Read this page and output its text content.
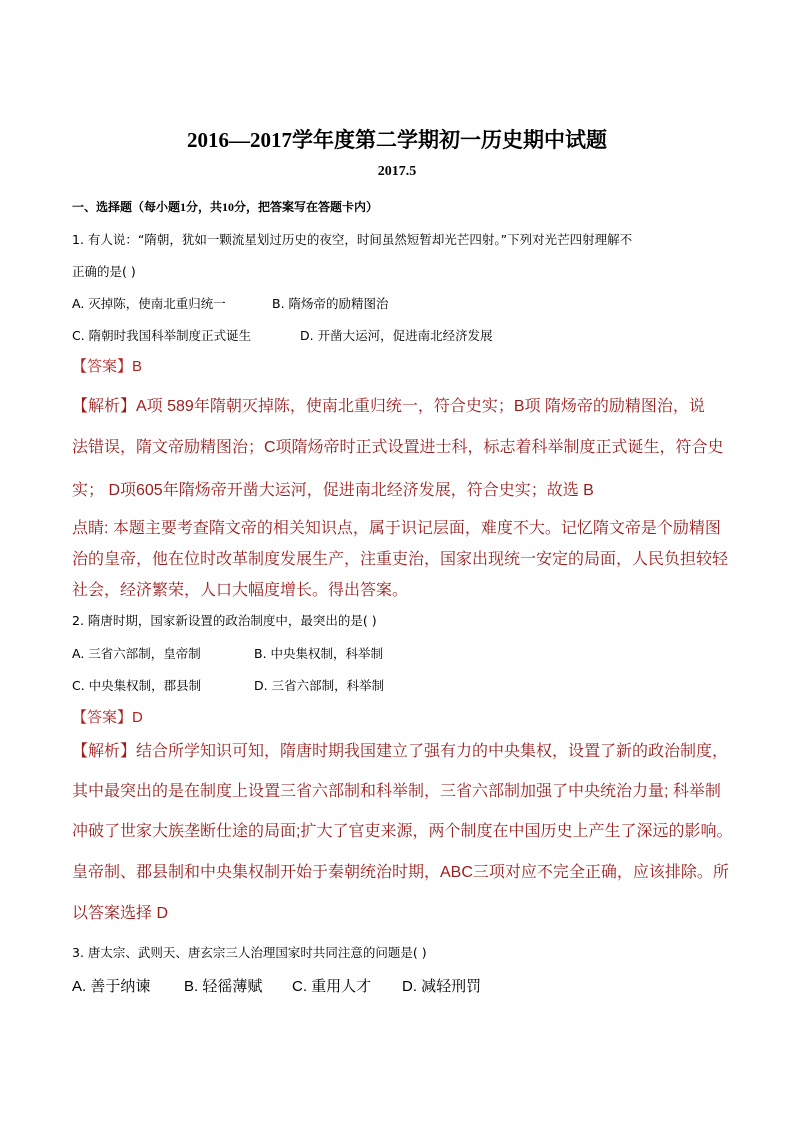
2016—2017学年度第二学期初一历史期中试题
2017.5
一、选择题（每小题1分，共10分，把答案写在答题卡内）
1. 有人说：“隋朝，犹如一颗流星划过历史的夜空，时间虽然短暂却光芒四射。”下列对光芒四射理解不
正确的是( )
A. 灭掉陈，使南北重归统一	B. 隋炀帝的励精图治
C. 隋朝时我国科举制度正式诞生	D. 开凿大运河，促进南北经济发展
【答案】B
【解析】A项 589年隋朝灭掉陈，使南北重归统一，符合史实；B项 隋炀帝的励精图治，说
法错误，隋文帝励精图治；C项隋炀帝时正式设置进士科，标志着科举制度正式诞生，符合史
实； D项605年隋炀帝开凿大运河，促进南北经济发展，符合史实；故选 B
点睛: 本题主要考查隋文帝的相关知识点，属于识记层面，难度不大。记忆隋文帝是个励精图
治的皇帝，他在位时改革制度发展生产，注重吏治，国家出现统一安定的局面，人民负担较轻
社会，经济繁荣，人口大幅度增长。得出答案。
2. 隋唐时期，国家新设置的政治制度中，最突出的是( )
A. 三省六部制，皇帝制	B. 中央集权制，科举制
C. 中央集权制，郡县制	D. 三省六部制，科举制
【答案】D
【解析】结合所学知识可知，隋唐时期我国建立了强有力的中央集权，设置了新的政治制度，
其中最突出的是在制度上设置三省六部制和科举制，三省六部制加强了中央统治力量; 科举制
冲破了世家大族垄断仕途的局面;扩大了官吏来源，两个制度在中国历史上产生了深远的影响。
皇帝制、郡县制和中央集权制开始于秦朝统治时期，ABC三项对应不完全正确，应该排除。所
以答案选择 D
3. 唐太宗、武则天、唐玄宗三人治理国家时共同注意的问题是( )
A. 善于纳谏 B. 轻徭薄赋 C. 重用人才 D. 减轻刑罚
